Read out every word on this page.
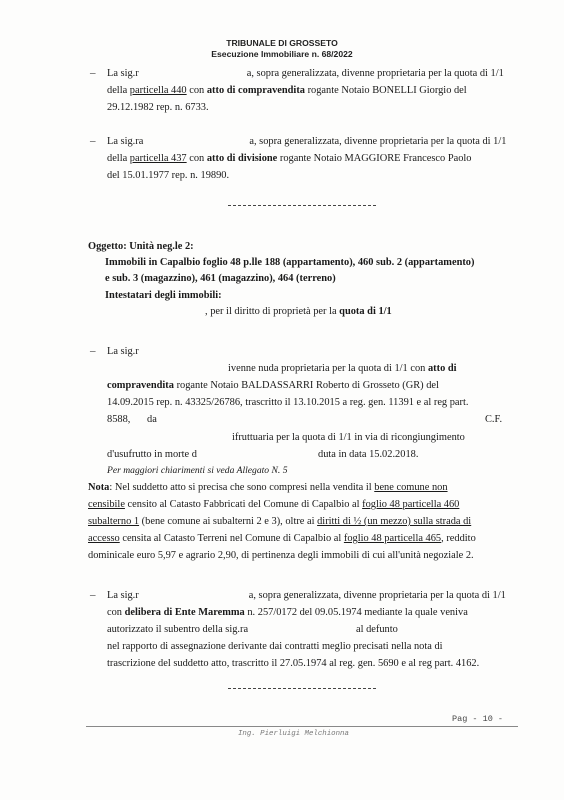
TRIBUNALE DI GROSSETO
Esecuzione Immobiliare n. 68/2022
– La sig.r	a, sopra generalizzata, divenne proprietaria per la quota di 1/1
della particella 440 con atto di compravendita rogante Notaio BONELLI Giorgio del
29.12.1982 rep. n. 6733.
– La sig.ra	a, sopra generalizzata, divenne proprietaria per la quota di 1/1
della particella 437 con atto di divisione rogante Notaio MAGGIORE Francesco Paolo
del 15.01.1977 rep. n. 19890.
Oggetto: Unità neg.le 2:
Immobili in Capalbio foglio 48 p.lle 188 (appartamento), 460 sub. 2 (appartamento)
e sub. 3 (magazzino), 461 (magazzino), 464 (terreno)
Intestatari degli immobili:
, per il diritto di proprietà per la quota di 1/1
– La sig.r
ivenne nuda proprietaria per la quota di 1/1 con atto di
compravendita rogante Notaio BALDASSARRI Roberto di Grosseto (GR) del
14.09.2015 rep. n. 43325/26786, trascritto il 13.10.2015 a reg. gen. 11391 e al reg part.
8588, da	C.F.
ifruttuaria per la quota di 1/1 in via di ricongiungimento
d'usufrutto in morte d	duta in data 15.02.2018.
Per maggiori chiarimenti si veda Allegato N. 5
Nota: Nel suddetto atto si precisa che sono compresi nella vendita il bene comune non
censibile censito al Catasto Fabbricati del Comune di Capalbio al foglio 48 particella 460
subalterno 1 (bene comune ai subalterni 2 e 3), oltre ai diritti di ½ (un mezzo) sulla strada di
accesso censita al Catasto Terreni nel Comune di Capalbio al foglio 48 particella 465, reddito
dominicale euro 5,97 e agrario 2,90, di pertinenza degli immobili di cui all'unità negoziale 2.
– La sig.r	a, sopra generalizzata, divenne proprietaria per la quota di 1/1
con delibera di Ente Maremma n. 257/0172 del 09.05.1974 mediante la quale veniva
autorizzato il subentro della sig.ra	al defunto
nel rapporto di assegnazione derivante dai contratti meglio precisati nella nota di
trascrizione del suddetto atto, trascritto il 27.05.1974 al reg. gen. 5690 e al reg part. 4162.
Pag - 10 -
Ing. Pierluigi Melchionna
